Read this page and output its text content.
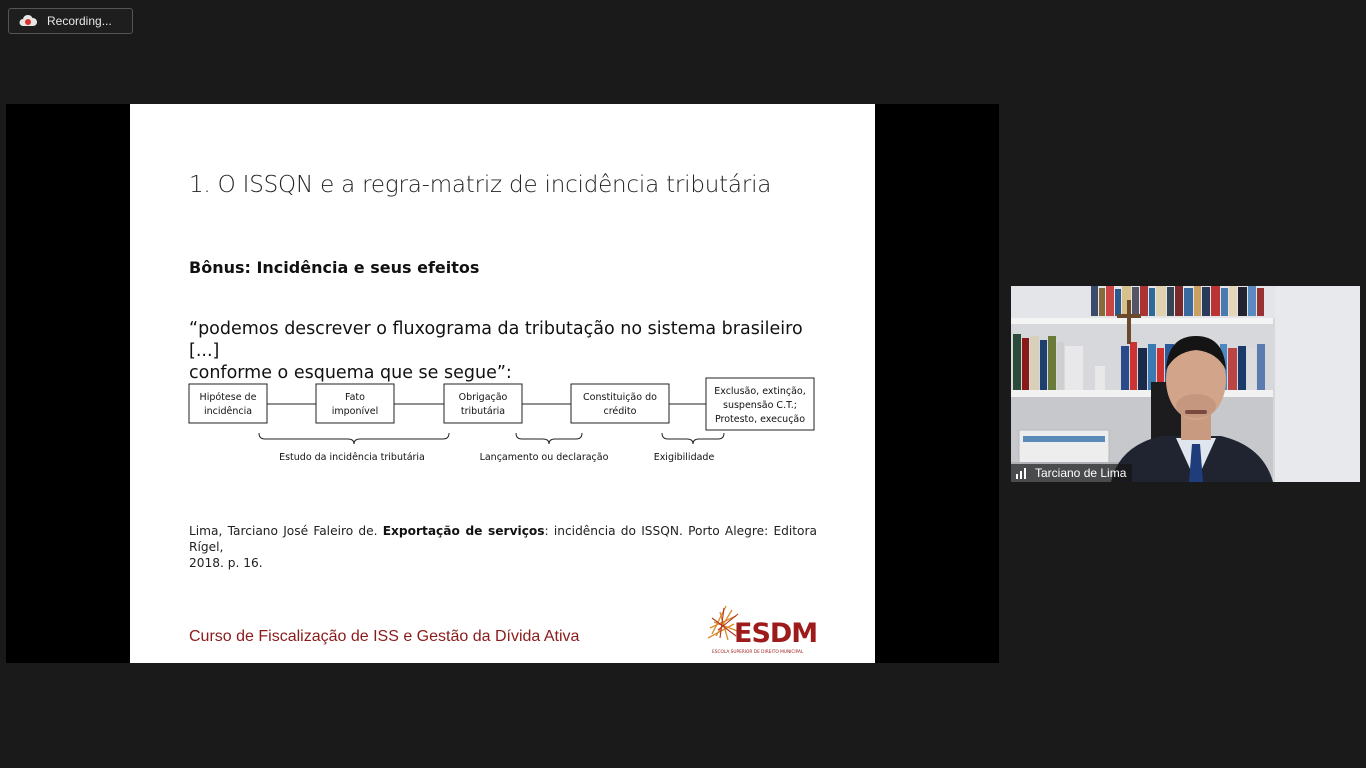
Recording...
1. O ISSQN e a regra-matriz de incidência tributária
Bônus: Incidência e seus efeitos
“podemos descrever o fluxograma da tributação no sistema brasileiro [...]
conforme o esquema que se segue”:
Hipótese de
incidência
Fato
imponível
Obrigação
tributária
Constituição do
crédito
Exclusão, extinção,
suspensão C.T.;
Protesto, execução
Estudo da incidência tributária	Lançamento ou declaração	Exigibilidade
Lima, Tarciano José Faleiro de. Exportação de serviços: incidência do ISSQN. Porto Alegre: Editora Rígel,
2018. p. 16.
Curso de Fiscalização de ISS e Gestão da Dívida Ativa	ESDM
ESCOLA SUPERIOR DE DIREITO MUNICIPAL
Tarciano de Lima
